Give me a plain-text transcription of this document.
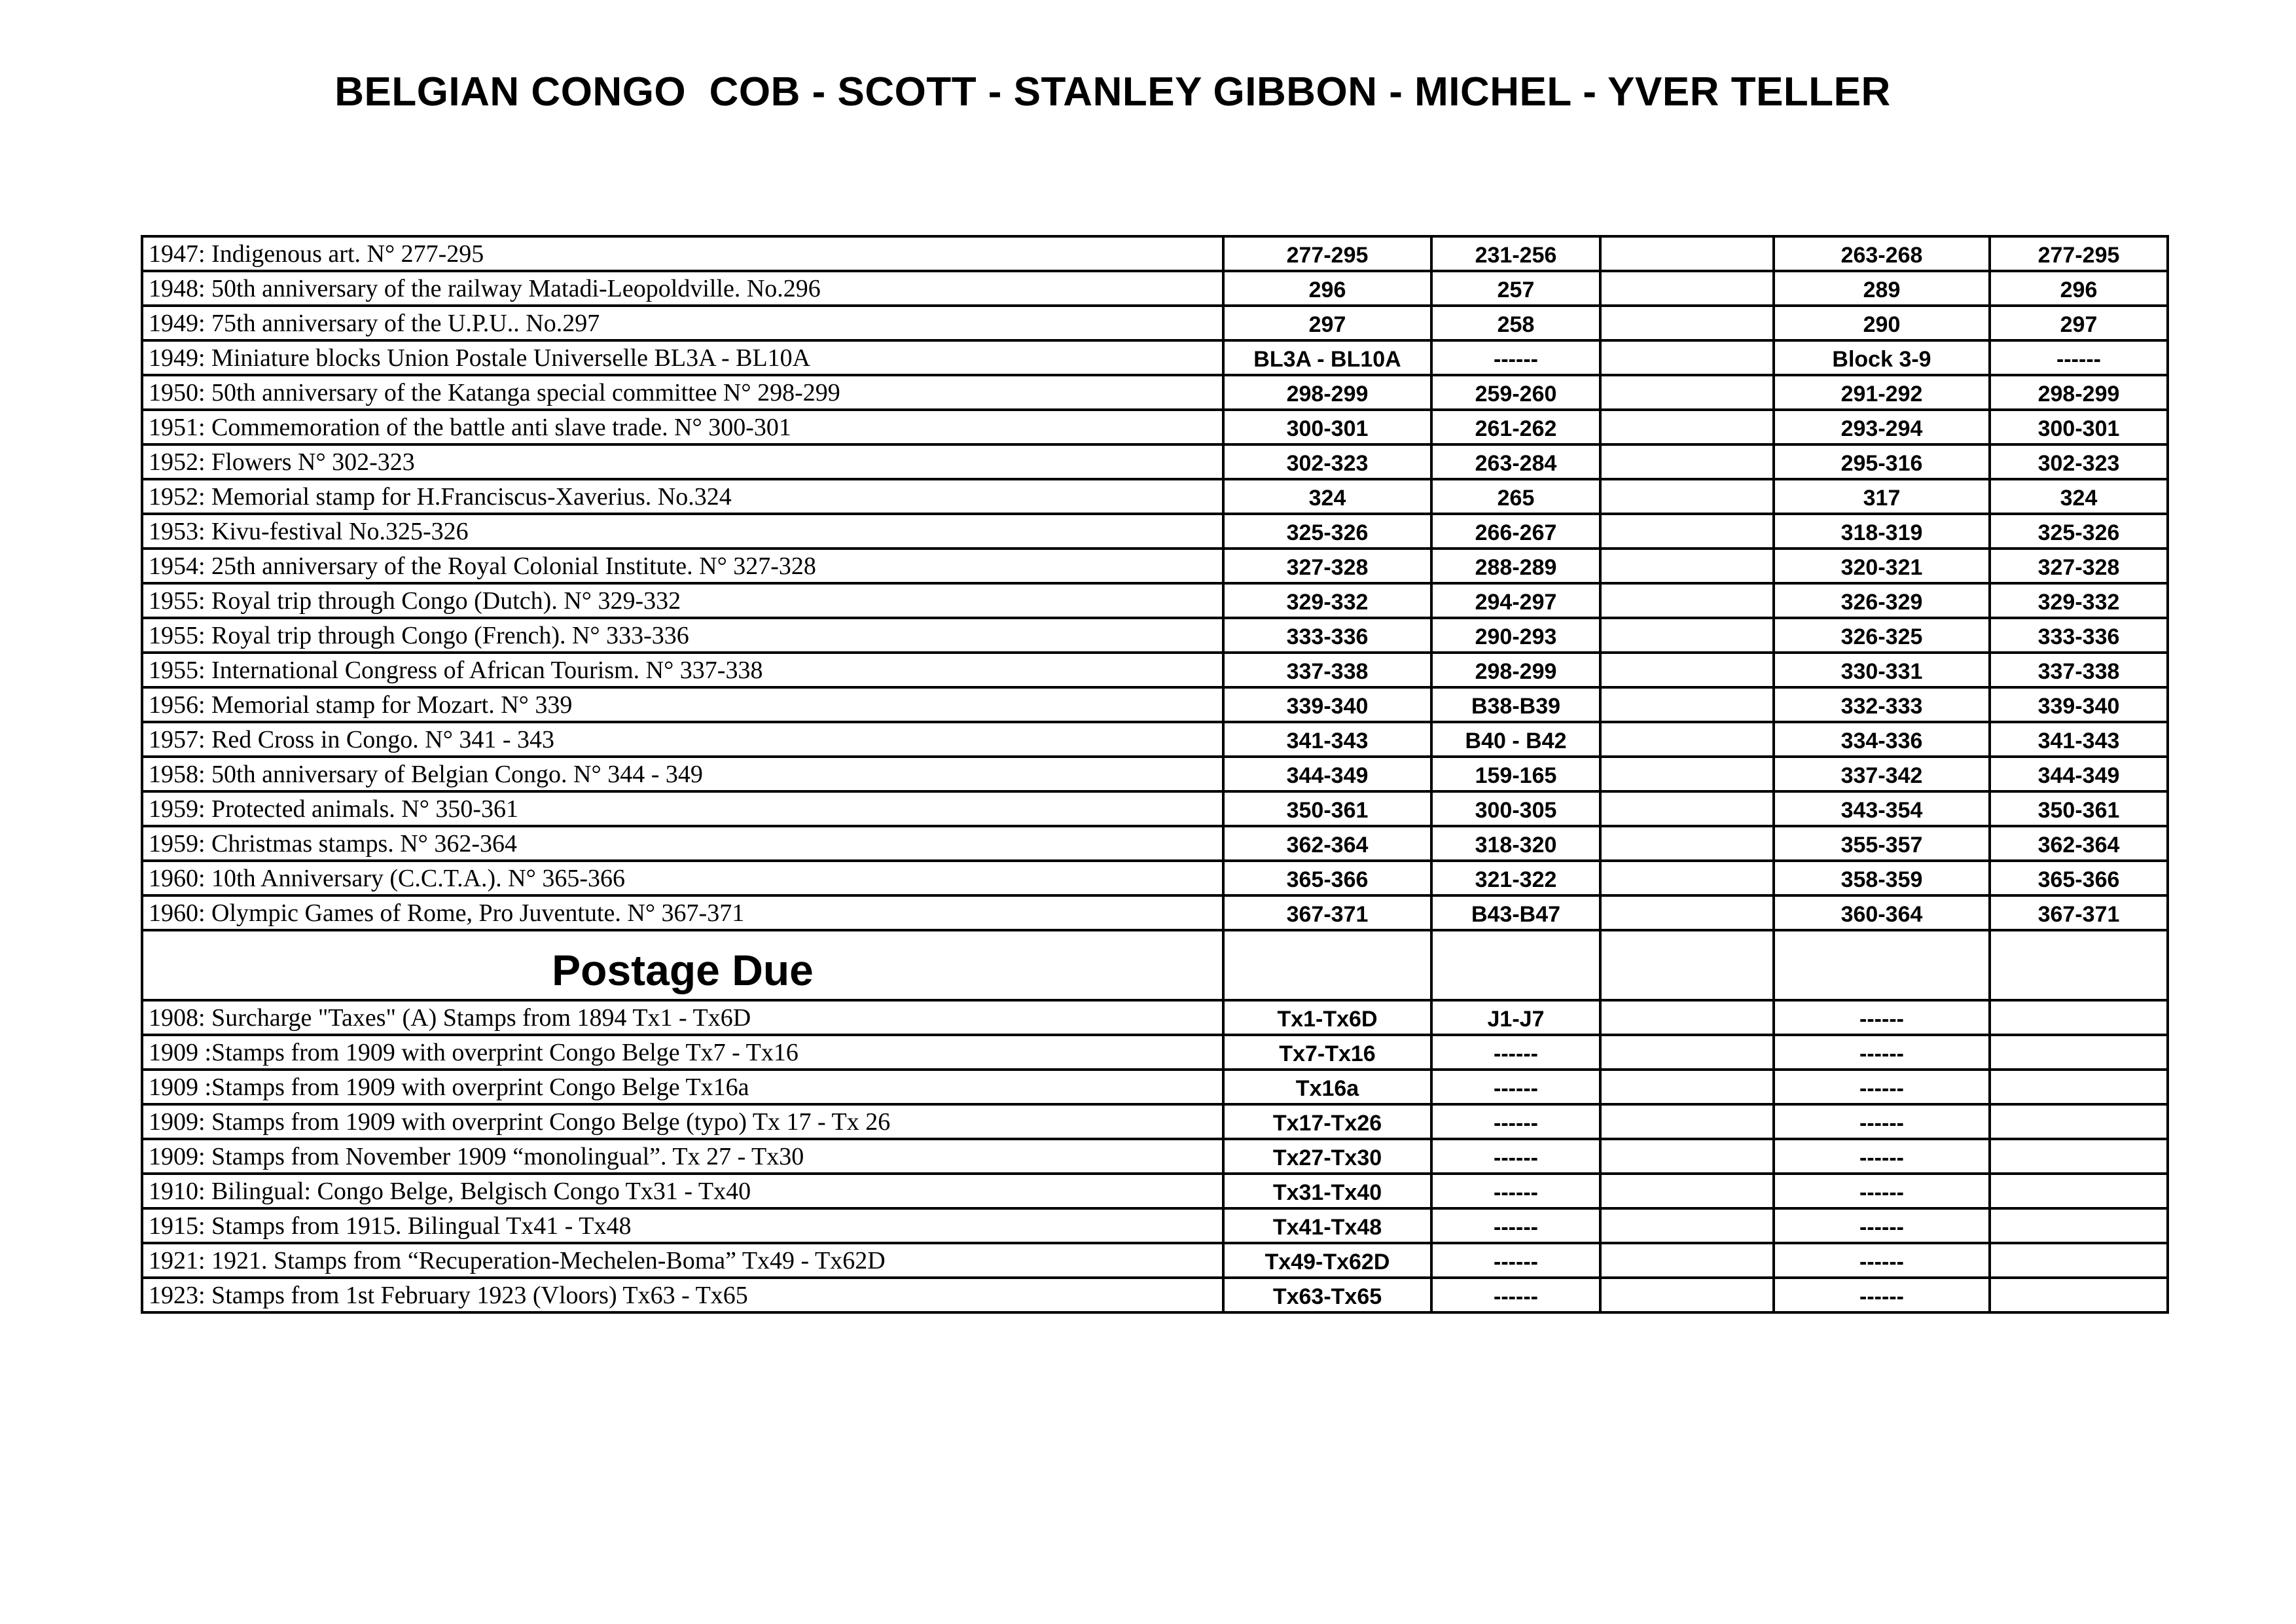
BELGIAN CONGO  COB - SCOTT - STANLEY GIBBON - MICHEL - YVER TELLER
1947: Indigenous art. N° 277-295	277-295	231-256		263-268	277-295
1948: 50th anniversary of the railway Matadi-Leopoldville. No.296	296	257		289	296
1949: 75th anniversary of the U.P.U.. No.297	297	258		290	297
1949: Miniature blocks Union Postale Universelle BL3A - BL10A	BL3A - BL10A	------		Block 3-9	------
1950: 50th anniversary of the Katanga special committee N° 298-299	298-299	259-260		291-292	298-299
1951: Commemoration of the battle anti slave trade. N° 300-301	300-301	261-262		293-294	300-301
1952: Flowers N° 302-323	302-323	263-284		295-316	302-323
1952: Memorial stamp for H.Franciscus-Xaverius. No.324	324	265		317	324
1953: Kivu-festival No.325-326	325-326	266-267		318-319	325-326
1954: 25th anniversary of the Royal Colonial Institute. N° 327-328	327-328	288-289		320-321	327-328
1955: Royal trip through Congo (Dutch). N° 329-332	329-332	294-297		326-329	329-332
1955: Royal trip through Congo (French). N° 333-336	333-336	290-293		326-325	333-336
1955: International Congress of African Tourism. N° 337-338	337-338	298-299		330-331	337-338
1956: Memorial stamp for Mozart. N° 339	339-340	B38-B39		332-333	339-340
1957: Red Cross in Congo. N° 341 - 343	341-343	B40 - B42		334-336	341-343
1958: 50th anniversary of Belgian Congo. N° 344 - 349	344-349	159-165		337-342	344-349
1959: Protected animals. N° 350-361	350-361	300-305		343-354	350-361
1959: Christmas stamps. N° 362-364	362-364	318-320		355-357	362-364
1960: 10th Anniversary (C.C.T.A.). N° 365-366	365-366	321-322		358-359	365-366
1960: Olympic Games of Rome, Pro Juventute. N° 367-371	367-371	B43-B47		360-364	367-371
Postage Due					
1908: Surcharge "Taxes" (A) Stamps from 1894 Tx1 - Tx6D	Tx1-Tx6D	J1-J7		------	
1909 :Stamps from 1909 with overprint Congo Belge Tx7 - Tx16	Tx7-Tx16	------		------	
1909 :Stamps from 1909 with overprint Congo Belge Tx16a	Tx16a	------		------	
1909: Stamps from 1909 with overprint Congo Belge (typo) Tx 17 - Tx 26	Tx17-Tx26	------		------	
1909: Stamps from November 1909 “monolingual”. Tx 27 - Tx30	Tx27-Tx30	------		------	
1910: Bilingual: Congo Belge, Belgisch Congo Tx31 - Tx40	Tx31-Tx40	------		------	
1915: Stamps from 1915. Bilingual Tx41 - Tx48	Tx41-Tx48	------		------	
1921: 1921. Stamps from “Recuperation-Mechelen-Boma” Tx49 - Tx62D	Tx49-Tx62D	------		------	
1923: Stamps from 1st February 1923 (Vloors) Tx63 - Tx65	Tx63-Tx65	------		------	
